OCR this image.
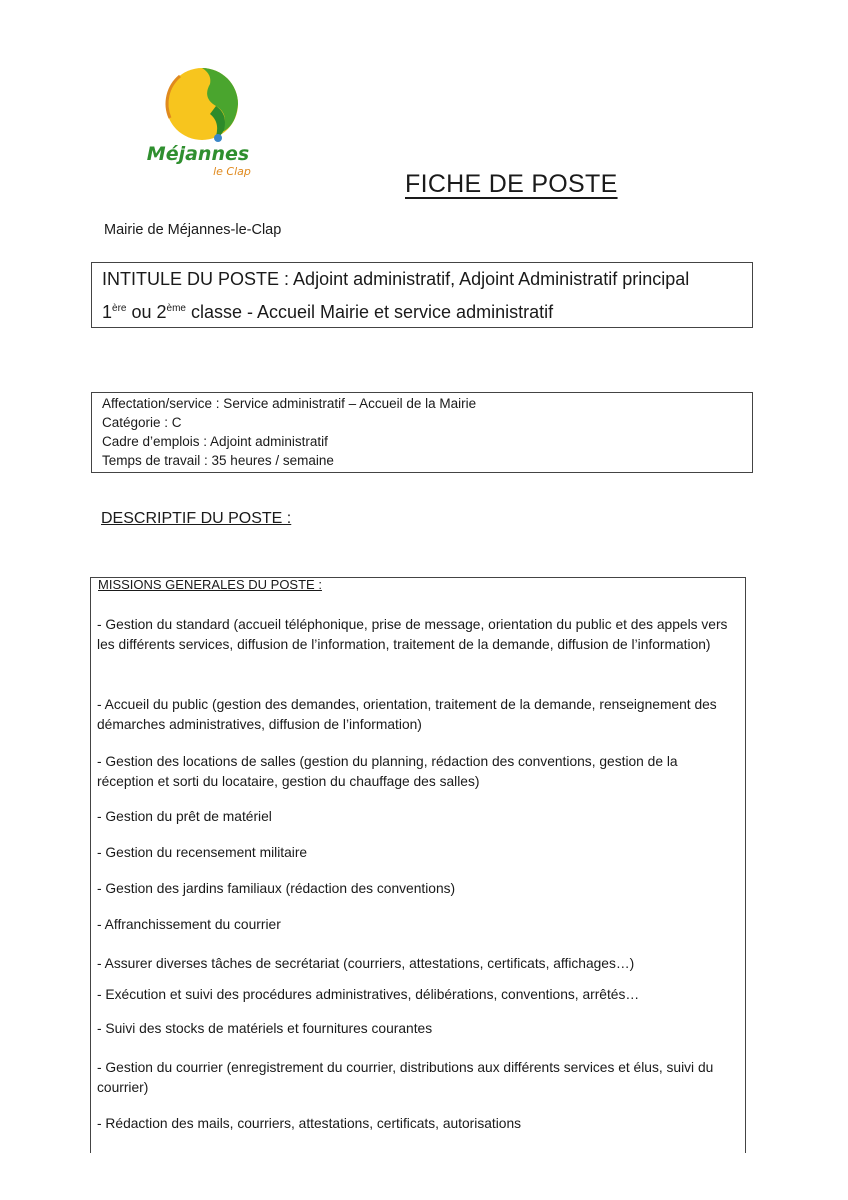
Méjannes
le Clap	FICHE DE POSTE
Mairie de Méjannes-le-Clap
INTITULE DU POSTE : Adjoint administratif, Adjoint Administratif principal
1ère ou 2ème classe - Accueil Mairie et service administratif
Affectation/service : Service administratif – Accueil de la Mairie
Catégorie : C
Cadre d’emplois : Adjoint administratif
Temps de travail : 35 heures / semaine
DESCRIPTIF DU POSTE :
MISSIONS GENERALES DU POSTE :
- Gestion du standard (accueil téléphonique, prise de message, orientation du public et des appels vers les différents services, diffusion de l’information, traitement de la demande, diffusion de l’information)
- Accueil du public (gestion des demandes, orientation, traitement de la demande, renseignement des démarches administratives, diffusion de l’information)
- Gestion des locations de salles (gestion du planning, rédaction des conventions, gestion de la réception et sorti du locataire, gestion du chauffage des salles)
- Gestion du prêt de matériel
- Gestion du recensement militaire
- Gestion des jardins familiaux (rédaction des conventions)
- Affranchissement du courrier
- Assurer diverses tâches de secrétariat (courriers, attestations, certificats, affichages…)
- Exécution et suivi des procédures administratives, délibérations, conventions, arrêtés…
- Suivi des stocks de matériels et fournitures courantes
- Gestion du courrier (enregistrement du courrier, distributions aux différents services et élus, suivi du courrier)
- Rédaction des mails, courriers, attestations, certificats, autorisations
